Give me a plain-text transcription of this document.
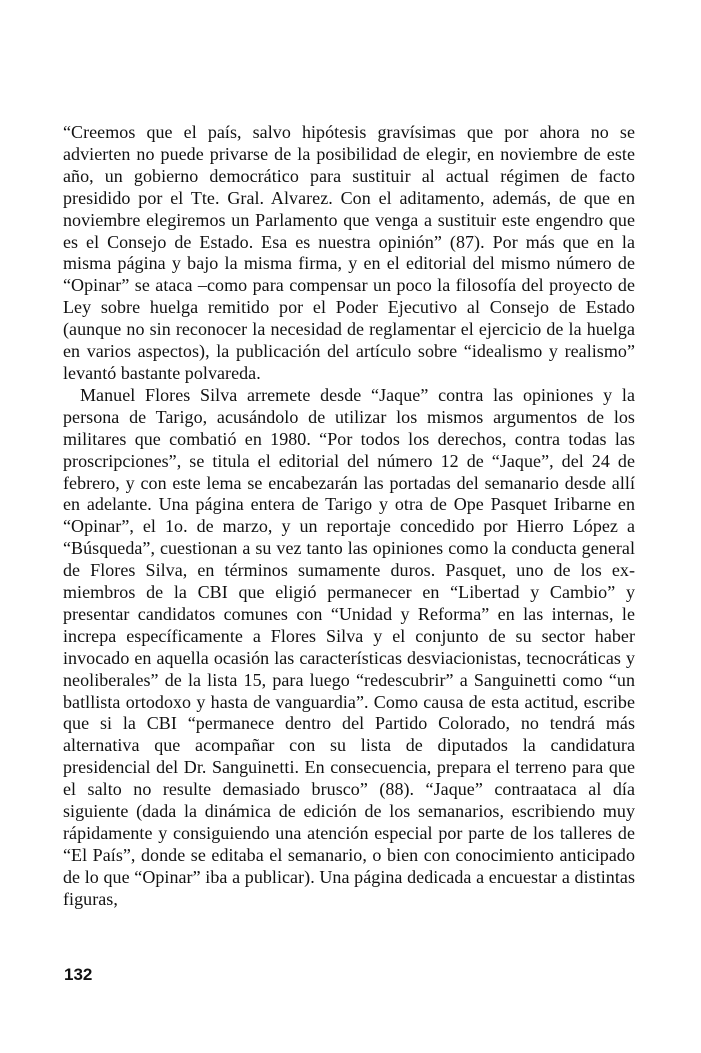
“Creemos que el país, salvo hipótesis gravísimas que por ahora no se advierten no puede privarse de la posibilidad de elegir, en noviembre de este año, un gobierno democrático para sustituir al actual régimen de facto presidido por el Tte. Gral. Alvarez. Con el aditamento, además, de que en noviembre elegiremos un Parlamento que venga a sustituir este engendro que es el Consejo de Estado. Esa es nuestra opinión” (87). Por más que en la misma página y bajo la misma firma, y en el editorial del mismo número de “Opinar” se ataca –como para compensar un poco la filosofía del proyecto de Ley sobre huelga remitido por el Poder Ejecutivo al Consejo de Estado (aunque no sin reconocer la necesidad de reglamentar el ejercicio de la huelga en varios aspectos), la publicación del artículo sobre “idealismo y realismo” levantó bastante polvareda.

Manuel Flores Silva arremete desde “Jaque” contra las opiniones y la persona de Tarigo, acusándolo de utilizar los mismos argumentos de los militares que combatió en 1980. “Por todos los derechos, contra todas las proscripciones”, se titula el editorial del número 12 de “Jaque”, del 24 de febrero, y con este lema se encabezarán las portadas del semanario desde allí en adelante. Una página entera de Tarigo y otra de Ope Pasquet Iribarne en “Opinar”, el 1o. de marzo, y un reportaje concedido por Hierro López a “Búsqueda”, cuestionan a su vez tanto las opiniones como la conducta general de Flores Silva, en términos sumamente duros. Pasquet, uno de los ex-miembros de la CBI que eligió permanecer en “Libertad y Cambio” y presentar candidatos comunes con “Unidad y Reforma” en las internas, le increpa específicamente a Flores Silva y el conjunto de su sector haber invocado en aquella ocasión las características desviacionistas, tecnocráticas y neoliberales” de la lista 15, para luego “redescubrir” a Sanguinetti como “un batllista ortodoxo y hasta de vanguardia”. Como causa de esta actitud, escribe que si la CBI “permanece dentro del Partido Colorado, no tendrá más alternativa que acompañar con su lista de diputados la candidatura presidencial del Dr. Sanguinetti. En consecuencia, prepara el terreno para que el salto no resulte demasiado brusco” (88). “Jaque” contraataca al día siguiente (dada la dinámica de edición de los semanarios, escribiendo muy rápidamente y consiguiendo una atención especial por parte de los talleres de “El País”, donde se editaba el semanario, o bien con conocimiento anticipado de lo que “Opinar” iba a publicar). Una página dedicada a encuestar a distintas figuras,

132
